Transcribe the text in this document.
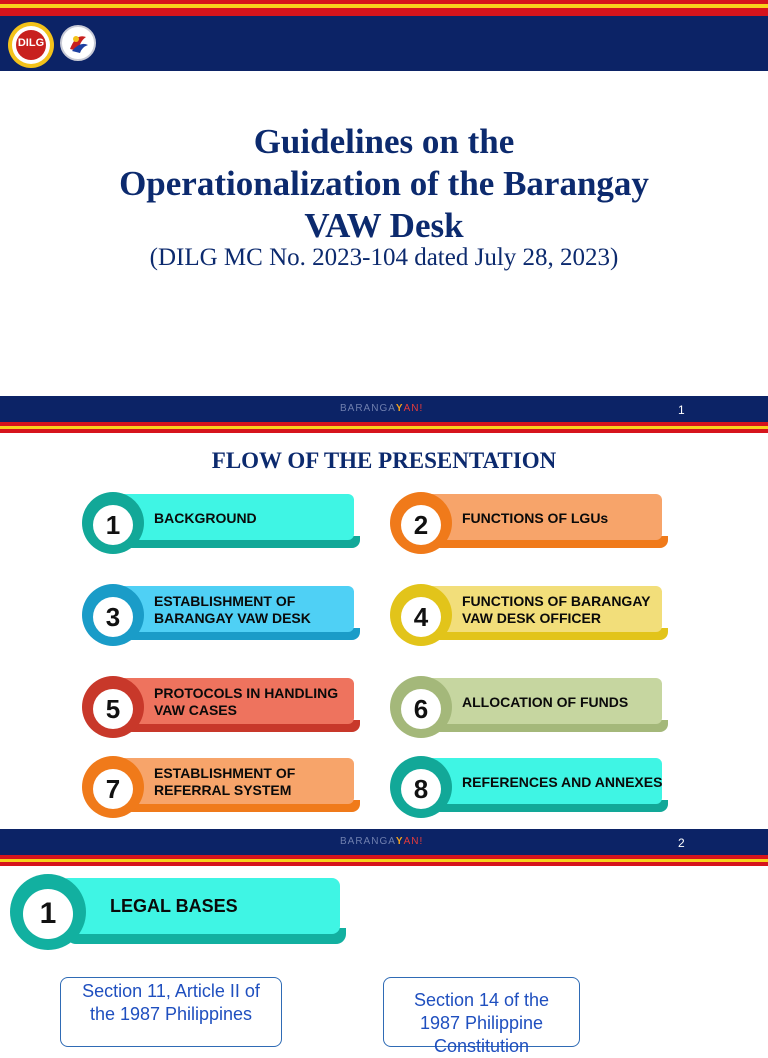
DILG
Guidelines on the
Operationalization of the Barangay
VAW Desk
(DILG MC No. 2023-104 dated July 28, 2023)
BARANGAYAN!	1
FLOW OF THE PRESENTATION
1	BACKGROUND	2	FUNCTIONS OF LGUs
3
ESTABLISHMENT OF BARANGAY VAW DESK	4
FUNCTIONS OF BARANGAY VAW DESK OFFICER
5
PROTOCOLS IN HANDLING VAW CASES	6	ALLOCATION OF FUNDS
7
ESTABLISHMENT OF REFERRAL SYSTEM	8	REFERENCES AND ANNEXES
BARANGAYAN!	2
1	LEGAL BASES
Section 11, Article II of the 1987 Philippines
Section 14 of the 1987 Philippine Constitution
